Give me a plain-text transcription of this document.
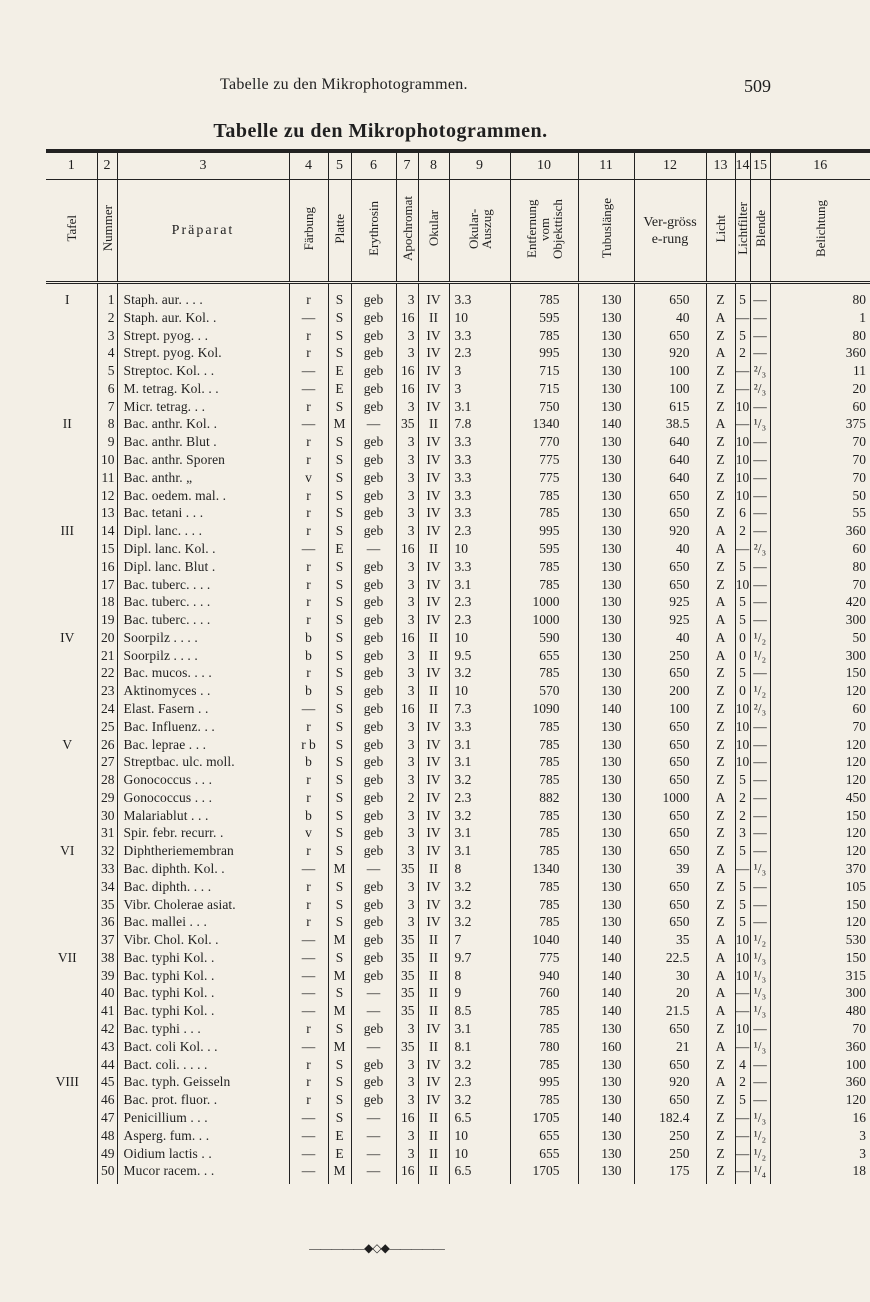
Tabelle zu den Mikrophotogrammen.	509
Tabelle zu den Mikrophotogrammen.
1	2	3	4	5	6	7	8	9	10	11	12	13	14	15	16
Tafel	Nummer	Präparat	Färbung	Platte	Erythrosin	Apochromat	Okular	Okular-Auszug	Entfernung vom Objekttisch	Tubuslänge	Ver-grösse-rung	Licht	Lichtfilter	Blende	Belichtung
I	1	Staph. aur. . . .	r	S	geb	3	IV	3.3	785	130	650	Z	5	—	80
	2	Staph. aur. Kol. .	—	S	geb	16	II	10	595	130	40	A	—	—	1
	3	Strept. pyog. . .	r	S	geb	3	IV	3.3	785	130	650	Z	5	—	80
	4	Strept. pyog. Kol.	r	S	geb	3	IV	2.3	995	130	920	A	2	—	360
	5	Streptoc. Kol. . .	—	E	geb	16	IV	3	715	130	100	Z	—	²/₃	11
	6	M. tetrag. Kol. . .	—	E	geb	16	IV	3	715	130	100	Z	—	²/₃	20
	7	Micr. tetrag. . .	r	S	geb	3	IV	3.1	750	130	615	Z	10	—	60
II	8	Bac. anthr. Kol. .	—	M	—	35	II	7.8	1340	140	38.5	A	—	¹/₃	375
	9	Bac. anthr. Blut .	r	S	geb	3	IV	3.3	770	130	640	Z	10	—	70
	10	Bac. anthr. Sporen	r	S	geb	3	IV	3.3	775	130	640	Z	10	—	70
	11	Bac. anthr. „	v	S	geb	3	IV	3.3	775	130	640	Z	10	—	70
	12	Bac. oedem. mal. .	r	S	geb	3	IV	3.3	785	130	650	Z	10	—	50
	13	Bac. tetani . . .	r	S	geb	3	IV	3.3	785	130	650	Z	6	—	55
III	14	Dipl. lanc. . . .	r	S	geb	3	IV	2.3	995	130	920	A	2	—	360
	15	Dipl. lanc. Kol. .	—	E	—	16	II	10	595	130	40	A	—	²/₃	60
	16	Dipl. lanc. Blut .	r	S	geb	3	IV	3.3	785	130	650	Z	5	—	80
	17	Bac. tuberc. . . .	r	S	geb	3	IV	3.1	785	130	650	Z	10	—	70
	18	Bac. tuberc. . . .	r	S	geb	3	IV	2.3	1000	130	925	A	5	—	420
	19	Bac. tuberc. . . .	r	S	geb	3	IV	2.3	1000	130	925	A	5	—	300
IV	20	Soorpilz . . . .	b	S	geb	16	II	10	590	130	40	A	0	¹/₂	50
	21	Soorpilz . . . .	b	S	geb	3	II	9.5	655	130	250	A	0	¹/₂	300
	22	Bac. mucos. . . .	r	S	geb	3	IV	3.2	785	130	650	Z	5	—	150
	23	Aktinomyces . .	b	S	geb	3	II	10	570	130	200	Z	0	¹/₂	120
	24	Elast. Fasern . .	—	S	geb	16	II	7.3	1090	140	100	Z	10	²/₃	60
	25	Bac. Influenz. . .	r	S	geb	3	IV	3.3	785	130	650	Z	10	—	70
V	26	Bac. leprae . . .	r b	S	geb	3	IV	3.1	785	130	650	Z	10	—	120
	27	Streptbac. ulc. moll.	b	S	geb	3	IV	3.1	785	130	650	Z	10	—	120
	28	Gonococcus . . .	r	S	geb	3	IV	3.2	785	130	650	Z	5	—	120
	29	Gonococcus . . .	r	S	geb	2	IV	2.3	882	130	1000	A	2	—	450
	30	Malariablut . . .	b	S	geb	3	IV	3.2	785	130	650	Z	2	—	150
	31	Spir. febr. recurr. .	v	S	geb	3	IV	3.1	785	130	650	Z	3	—	120
VI	32	Diphtheriemembran	r	S	geb	3	IV	3.1	785	130	650	Z	5	—	120
	33	Bac. diphth. Kol. .	—	M	—	35	II	8	1340	130	39	A	—	¹/₃	370
	34	Bac. diphth. . . .	r	S	geb	3	IV	3.2	785	130	650	Z	5	—	105
	35	Vibr. Cholerae asiat.	r	S	geb	3	IV	3.2	785	130	650	Z	5	—	150
	36	Bac. mallei . . .	r	S	geb	3	IV	3.2	785	130	650	Z	5	—	120
	37	Vibr. Chol. Kol. .	—	M	geb	35	II	7	1040	140	35	A	10	¹/₂	530
VII	38	Bac. typhi Kol. .	—	S	geb	35	II	9.7	775	140	22.5	A	10	¹/₃	150
	39	Bac. typhi Kol. .	—	M	geb	35	II	8	940	140	30	A	10	¹/₃	315
	40	Bac. typhi Kol. .	—	S	—	35	II	9	760	140	20	A	—	¹/₃	300
	41	Bac. typhi Kol. .	—	M	—	35	II	8.5	785	140	21.5	A	—	¹/₃	480
	42	Bac. typhi . . .	r	S	geb	3	IV	3.1	785	130	650	Z	10	—	70
	43	Bact. coli Kol. . .	—	M	—	35	II	8.1	780	160	21	A	—	¹/₃	360
	44	Bact. coli. . . . .	r	S	geb	3	IV	3.2	785	130	650	Z	4	—	100
VIII	45	Bac. typh. Geisseln	r	S	geb	3	IV	2.3	995	130	920	A	2	—	360
	46	Bac. prot. fluor. .	r	S	geb	3	IV	3.2	785	130	650	Z	5	—	120
	47	Penicillium . . .	—	S	—	16	II	6.5	1705	140	182.4	Z	—	¹/₃	16
	48	Asperg. fum. . .	—	E	—	3	II	10	655	130	250	Z	—	¹/₂	3
	49	Oidium lactis . .	—	E	—	3	II	10	655	130	250	Z	—	¹/₂	3
	50	Mucor racem. . .	—	M	—	16	II	6.5	1705	130	175	Z	—	¹/₄	18
—————◆◇◆—————
